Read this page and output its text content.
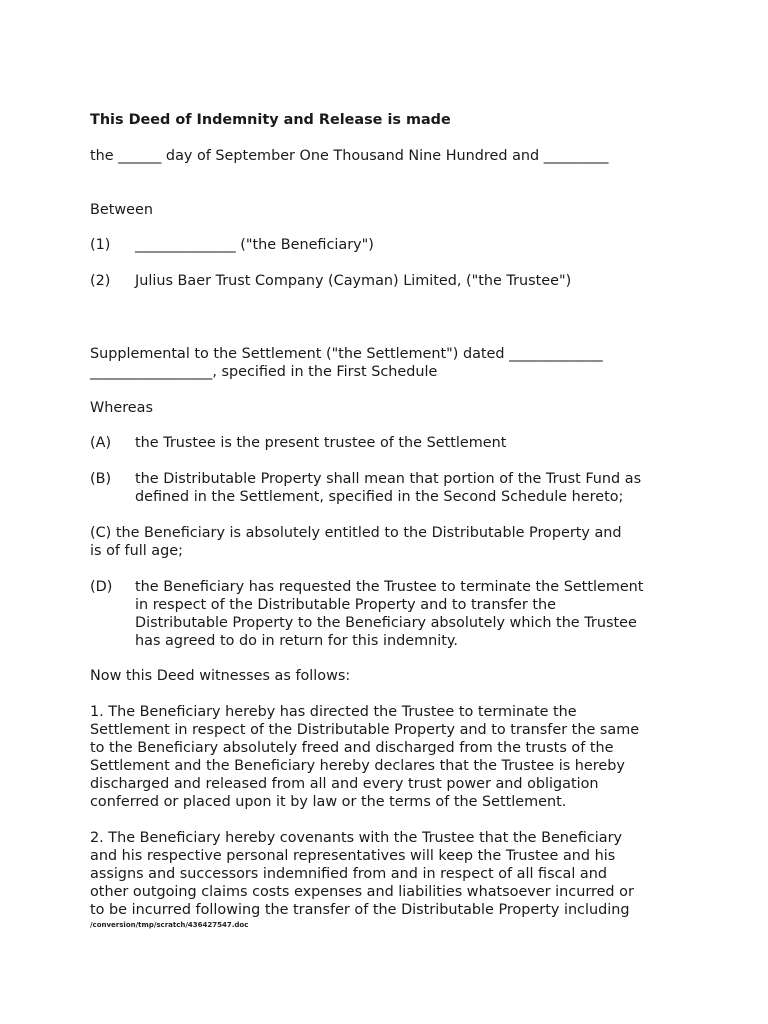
This Deed of Indemnity and Release is made
the ______ day of September One Thousand Nine Hundred and _________
Between
(1) ______________ ("the Beneficiary")
(2) Julius Baer Trust Company (Cayman) Limited, ("the Trustee")
Supplemental to the Settlement ("the Settlement") dated _____________
_________________, specified in the First Schedule
Whereas
(A) the Trustee is the present trustee of the Settlement
(B) the Distributable Property shall mean that portion of the Trust Fund as
defined in the Settlement, specified in the Second Schedule hereto;
(C) the Beneficiary is absolutely entitled to the Distributable Property and
is of full age;
(D) the Beneficiary has requested the Trustee to terminate the Settlement
in respect of the Distributable Property and to transfer the
Distributable Property to the Beneficiary absolutely which the Trustee
has agreed to do in return for this indemnity.
Now this Deed witnesses as follows:
1. The Beneficiary hereby has directed the Trustee to terminate the
Settlement in respect of the Distributable Property and to transfer the same
to the Beneficiary absolutely freed and discharged from the trusts of the
Settlement and the Beneficiary hereby declares that the Trustee is hereby
discharged and released from all and every trust power and obligation
conferred or placed upon it by law or the terms of the Settlement.
2. The Beneficiary hereby covenants with the Trustee that the Beneficiary
and his respective personal representatives will keep the Trustee and his
assigns and successors indemnified from and in respect of all fiscal and
other outgoing claims costs expenses and liabilities whatsoever incurred or
to be incurred following the transfer of the Distributable Property including
/conversion/tmp/scratch/436427547.doc
